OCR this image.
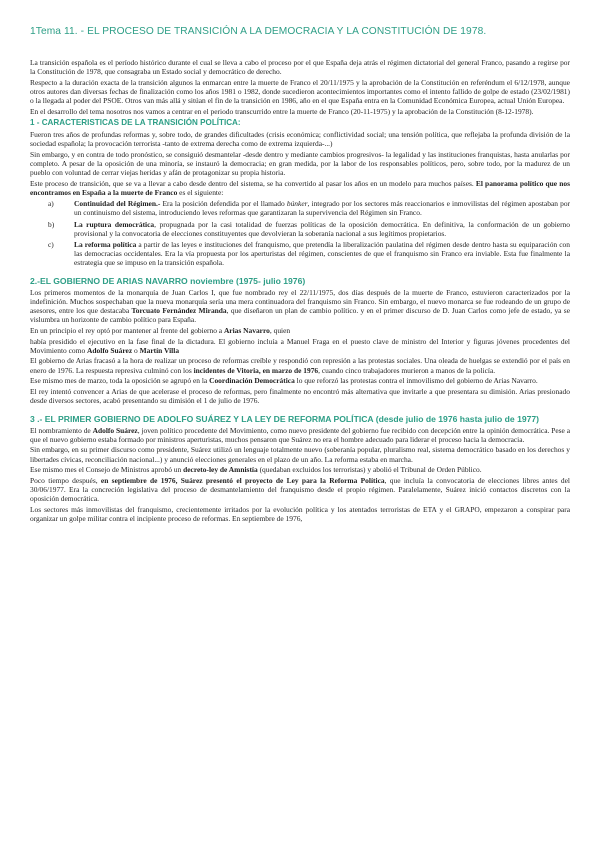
1Tema 11. - EL PROCESO DE TRANSICIÓN A LA DEMOCRACIA Y LA CONSTITUCIÓN DE 1978.

La transición española es el período histórico durante el cual se lleva a cabo el proceso por el que España deja atrás el régimen dictatorial del general Franco, pasando a regirse por la Constitución de 1978, que consagraba un Estado social y democrático de derecho.

Respecto a la duración exacta de la transición algunos la enmarcan entre la muerte de Franco el 20/11/1975 y la aprobación de la Constitución en referéndum el 6/12/1978, aunque otros autores dan diversas fechas de finalización como los años 1981 o 1982, donde sucedieron acontecimientos importantes como el intento fallido de golpe de estado (23/02/1981) o la llegada al poder del PSOE. Otros van más allá y sitúan el fin de la transición en 1986, año en el que España entra en la Comunidad Económica Europea, actual Unión Europea.

En el desarrollo del tema nosotros nos vamos a centrar en el periodo transcurrido entre la muerte de Franco (20-11-1975) y la aprobación de la Constitución (8-12-1978).

1 - CARACTERISTICAS DE LA TRANSICIÓN POLÍTICA:

Fueron tres años de profundas reformas y, sobre todo, de grandes dificultades (crisis económica; conflictividad social; una tensión política, que reflejaba la profunda división de la sociedad española; la provocación terrorista -tanto de extrema derecha como de extrema izquierda-...)

Sin embargo, y en contra de todo pronóstico, se consiguió desmantelar -desde dentro y mediante cambios progresivos- la legalidad y las instituciones franquistas, hasta anularlas por completo. A pesar de la oposición de una minoría, se instauró la democracia; en gran medida, por la labor de los responsables políticos, pero, sobre todo, por la madurez de un pueblo con voluntad de cerrar viejas heridas y afán de protagonizar su propia historia.

Este proceso de transición, que se va a llevar a cabo desde dentro del sistema, se ha convertido al pasar los años en un modelo para muchos países. El panorama político que nos encontramos en España a la muerte de Franco es el siguiente:

a)	Continuidad del Régimen.- Era la posición defendida por el llamado búnker, integrado por los sectores más reaccionarios e inmovilistas del régimen apostaban por un continuismo del sistema, introduciendo leves reformas que garantizaran la supervivencia del Régimen sin Franco.
b)	La ruptura democrática, propugnada por la casi totalidad de fuerzas políticas de la oposición democrática. En definitiva, la conformación de un gobierno provisional y la convocatoria de elecciones constituyentes que devolvieran la soberanía nacional a sus legítimos propietarios.
c)	La reforma política a partir de las leyes e instituciones del franquismo, que pretendía la liberalización paulatina del régimen desde dentro hasta su equiparación con las democracias occidentales. Era la vía propuesta por los aperturistas del régimen, conscientes de que el franquismo sin Franco era inviable. Esta fue finalmente la estrategia que se impuso en la transición española.
2.-EL GOBIERNO DE ARIAS NAVARRO noviembre (1975- julio 1976)

Los primeros momentos de la monarquía de Juan Carlos I, que fue nombrado rey el 22/11/1975, dos días después de la muerte de Franco, estuvieron caracterizados por la indefinición. Muchos sospechaban que la nueva monarquía sería una mera continuadora del franquismo sin Franco. Sin embargo, el nuevo monarca se fue rodeando de un grupo de asesores, entre los que destacaba Torcuato Fernández Miranda, que diseñaron un plan de cambio político. y en el primer discurso de D. Juan Carlos como jefe de estado, ya se vislumbra un horizonte de cambio político para España.

En un principio el rey optó por mantener al frente del gobierno a Arias Navarro, quien

había presidido el ejecutivo en la fase final de la dictadura. El gobierno incluía a Manuel Fraga en el puesto clave de ministro del Interior y figuras jóvenes procedentes del Movimiento como Adolfo Suárez o Martín Villa

El gobierno de Arias fracasó a la hora de realizar un proceso de reformas creíble y respondió con represión a las protestas sociales. Una oleada de huelgas se extendió por el país en enero de 1976. La respuesta represiva culminó con los incidentes de Vitoria, en marzo de 1976, cuando cinco trabajadores murieron a manos de la policía.

Ese mismo mes de marzo, toda la oposición se agrupó en la Coordinación Democrática lo que reforzó las protestas contra el inmovilismo del gobierno de Arias Navarro.

El rey intentó convencer a Arias de que acelerase el proceso de reformas, pero finalmente no encontró más alternativa que invitarle a que presentara su dimisión. Arias presionado desde diversos sectores, acabó presentando su dimisión el 1 de julio de 1976.

3 .- EL PRIMER GOBIERNO DE ADOLFO SUÁREZ Y LA LEY DE REFORMA POLÍTICA (desde julio de 1976 hasta julio de 1977)

El nombramiento de Adolfo Suárez, joven político procedente del Movimiento, como nuevo presidente del gobierno fue recibido con decepción entre la opinión democrática. Pese a que el nuevo gobierno estaba formado por ministros aperturistas, muchos pensaron que Suárez no era el hombre adecuado para liderar el proceso hacia la democracia.

Sin embargo, en su primer discurso como presidente, Suárez utilizó un lenguaje totalmente nuevo (soberanía popular, pluralismo real, sistema democrático basado en los derechos y libertades cívicas, reconciliación nacional...) y anunció elecciones generales en el plazo de un año. La reforma estaba en marcha.

Ese mismo mes el Consejo de Ministros aprobó un decreto-ley de Amnistía (quedaban excluidos los terroristas) y abolió el Tribunal de Orden Público.

Poco tiempo después, en septiembre de 1976, Suárez presentó el proyecto de Ley para la Reforma Política, que incluía la convocatoria de elecciones libres antes del 30/06/1977. Era la concreción legislativa del proceso de desmantelamiento del franquismo desde el propio régimen. Paralelamente, Suárez inició contactos discretos con la oposición democrática.

Los sectores más inmovilistas del franquismo, crecientemente irritados por la evolución política y los atentados terroristas de ETA y el GRAPO, empezaron a conspirar para organizar un golpe militar contra el incipiente proceso de reformas. En septiembre de 1976,
